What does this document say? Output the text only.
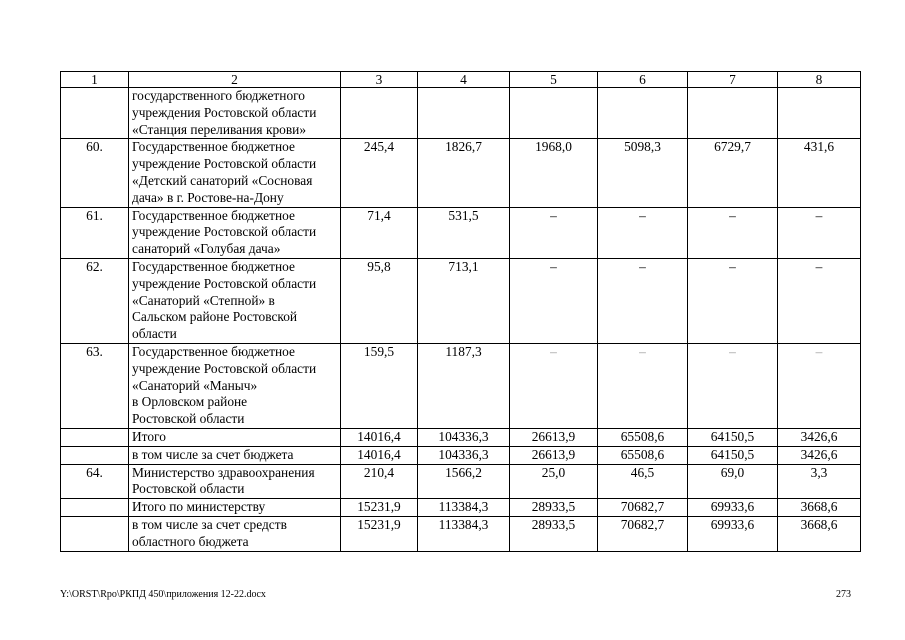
1	2	3	4	5	6	7	8

	государственного бюджетного
учреждения Ростовской области
«Станция переливания крови»						

60.	Государственное бюджетное
учреждение Ростовской области
«Детский санаторий «Сосновая
дача» в г. Ростове-на-Дону	245,4	1826,7	1968,0	5098,3	6729,7	431,6
61.	Государственное бюджетное
учреждение Ростовской области
санаторий «Голубая дача»	71,4	531,5	–	–	–	–
62.	Государственное бюджетное
учреждение Ростовской области
«Санаторий «Степной» в
Сальском районе Ростовской
области	95,8	713,1	–	–	–	–
63.	Государственное бюджетное
учреждение Ростовской области
«Санаторий «Маныч»
в Орловском районе
Ростовской области	159,5	1187,3	–	–	–	–

	Итого	14016,4	104336,3	26613,9	65508,6	64150,5	3426,6

	в том числе за счет бюджета	14016,4	104336,3	26613,9	65508,6	64150,5	3426,6
64.	Министерство здравоохранения
Ростовской области	210,4	1566,2	25,0	46,5	69,0	3,3

	Итого по министерству	15231,9	113384,3	28933,5	70682,7	69933,6	3668,6

	в том числе за счет средств
областного бюджета	15231,9	113384,3	28933,5	70682,7	69933,6	3668,6
Y:\ORST\Rpo\РКПД 450\приложения 12-22.docx	273
